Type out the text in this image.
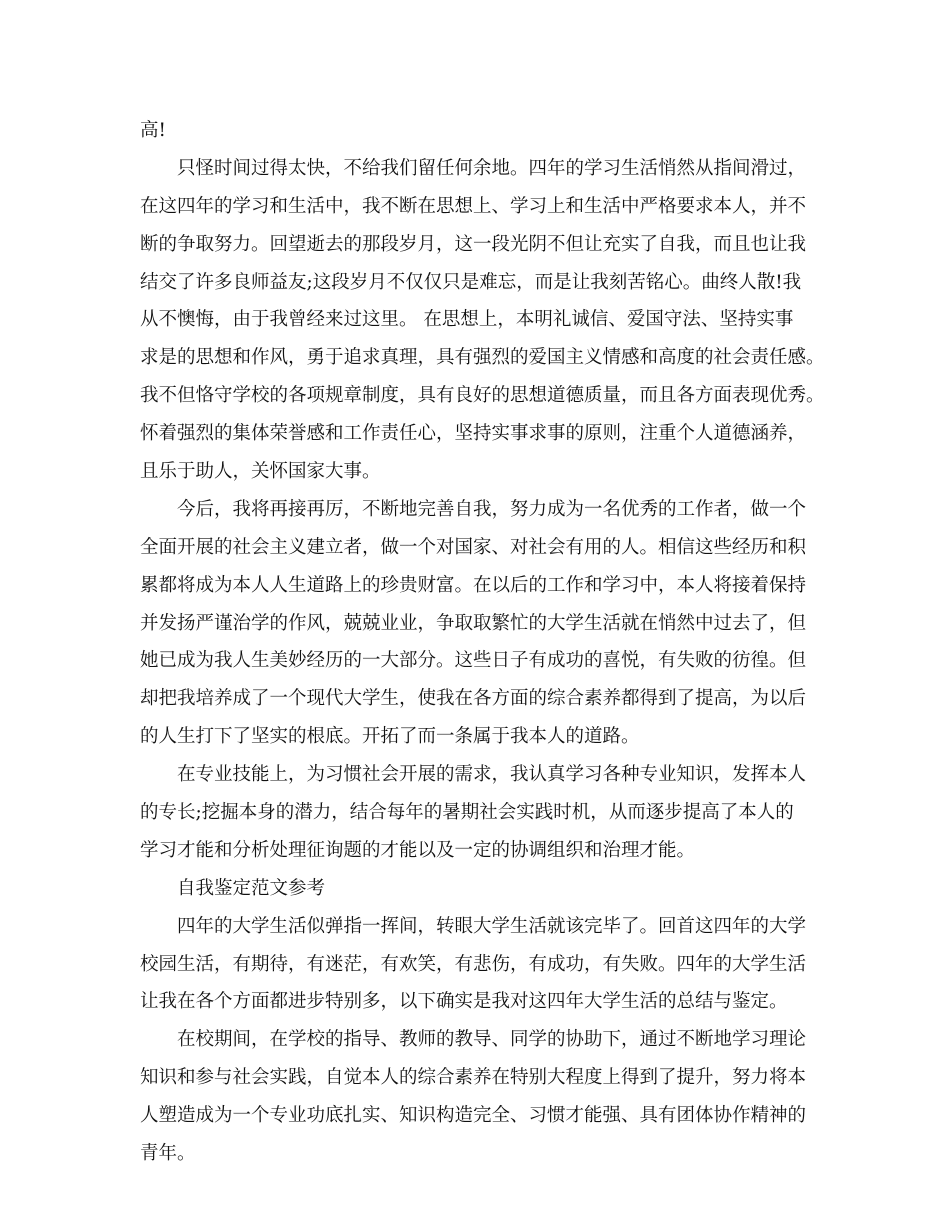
高!
只怪时间过得太快，不给我们留任何余地。四年的学习生活悄然从指间滑过，
在这四年的学习和生活中，我不断在思想上、学习上和生活中严格要求本人，并不
断的争取努力。回望逝去的那段岁月，这一段光阴不但让充实了自我，而且也让我
结交了许多良师益友;这段岁月不仅仅只是难忘，而是让我刻苦铭心。曲终人散!我
从不懊悔，由于我曾经来过这里。 在思想上，本明礼诚信、爱国守法、坚持实事
求是的思想和作风，勇于追求真理，具有强烈的爱国主义情感和高度的社会责任感。
我不但恪守学校的各项规章制度，具有良好的思想道德质量，而且各方面表现优秀。
怀着强烈的集体荣誉感和工作责任心，坚持实事求事的原则，注重个人道德涵养，
且乐于助人，关怀国家大事。
今后，我将再接再厉，不断地完善自我，努力成为一名优秀的工作者，做一个
全面开展的社会主义建立者，做一个对国家、对社会有用的人。相信这些经历和积
累都将成为本人人生道路上的珍贵财富。在以后的工作和学习中，本人将接着保持
并发扬严谨治学的作风，兢兢业业，争取取繁忙的大学生活就在悄然中过去了，但
她已成为我人生美妙经历的一大部分。这些日子有成功的喜悦，有失败的彷徨。但
却把我培养成了一个现代大学生，使我在各方面的综合素养都得到了提高，为以后
的人生打下了坚实的根底。开拓了而一条属于我本人的道路。
在专业技能上，为习惯社会开展的需求，我认真学习各种专业知识，发挥本人
的专长;挖掘本身的潜力，结合每年的暑期社会实践时机，从而逐步提高了本人的
学习才能和分析处理征询题的才能以及一定的协调组织和治理才能。
自我鉴定范文参考
四年的大学生活似弹指一挥间，转眼大学生活就该完毕了。回首这四年的大学
校园生活，有期待，有迷茫，有欢笑，有悲伤，有成功，有失败。四年的大学生活
让我在各个方面都进步特别多，以下确实是我对这四年大学生活的总结与鉴定。
在校期间，在学校的指导、教师的教导、同学的协助下，通过不断地学习理论
知识和参与社会实践，自觉本人的综合素养在特别大程度上得到了提升，努力将本
人塑造成为一个专业功底扎实、知识构造完全、习惯才能强、具有团体协作精神的
青年。
